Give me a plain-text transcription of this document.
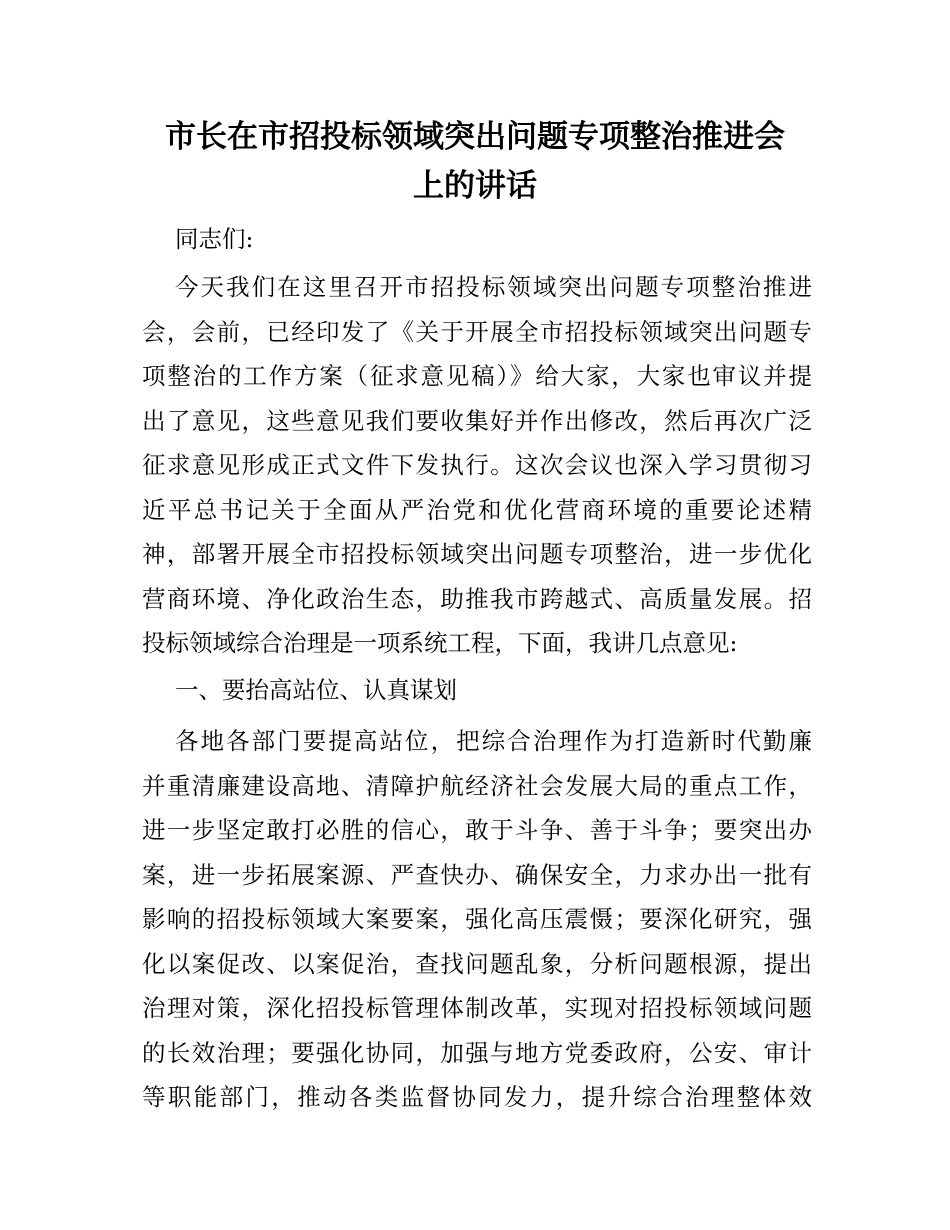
市长在市招投标领域突出问题专项整治推进会
上的讲话
同志们:
今天我们在这里召开市招投标领域突出问题专项整治推进
会，会前，已经印发了《关于开展全市招投标领域突出问题专
项整治的工作方案（征求意见稿）》给大家，大家也审议并提
出了意见，这些意见我们要收集好并作出修改，然后再次广泛
征求意见形成正式文件下发执行。这次会议也深入学习贯彻习
近平总书记关于全面从严治党和优化营商环境的重要论述精
神，部署开展全市招投标领域突出问题专项整治，进一步优化
营商环境、净化政治生态，助推我市跨越式、高质量发展。招
投标领域综合治理是一项系统工程，下面，我讲几点意见:
一、要抬高站位、认真谋划
各地各部门要提高站位，把综合治理作为打造新时代勤廉
并重清廉建设高地、清障护航经济社会发展大局的重点工作，
进一步坚定敢打必胜的信心，敢于斗争、善于斗争；要突出办
案，进一步拓展案源、严查快办、确保安全，力求办出一批有
影响的招投标领域大案要案，强化高压震慑；要深化研究，强
化以案促改、以案促治，查找问题乱象，分析问题根源，提出
治理对策，深化招投标管理体制改革，实现对招投标领域问题
的长效治理；要强化协同，加强与地方党委政府，公安、审计
等职能部门，推动各类监督协同发力，提升综合治理整体效
